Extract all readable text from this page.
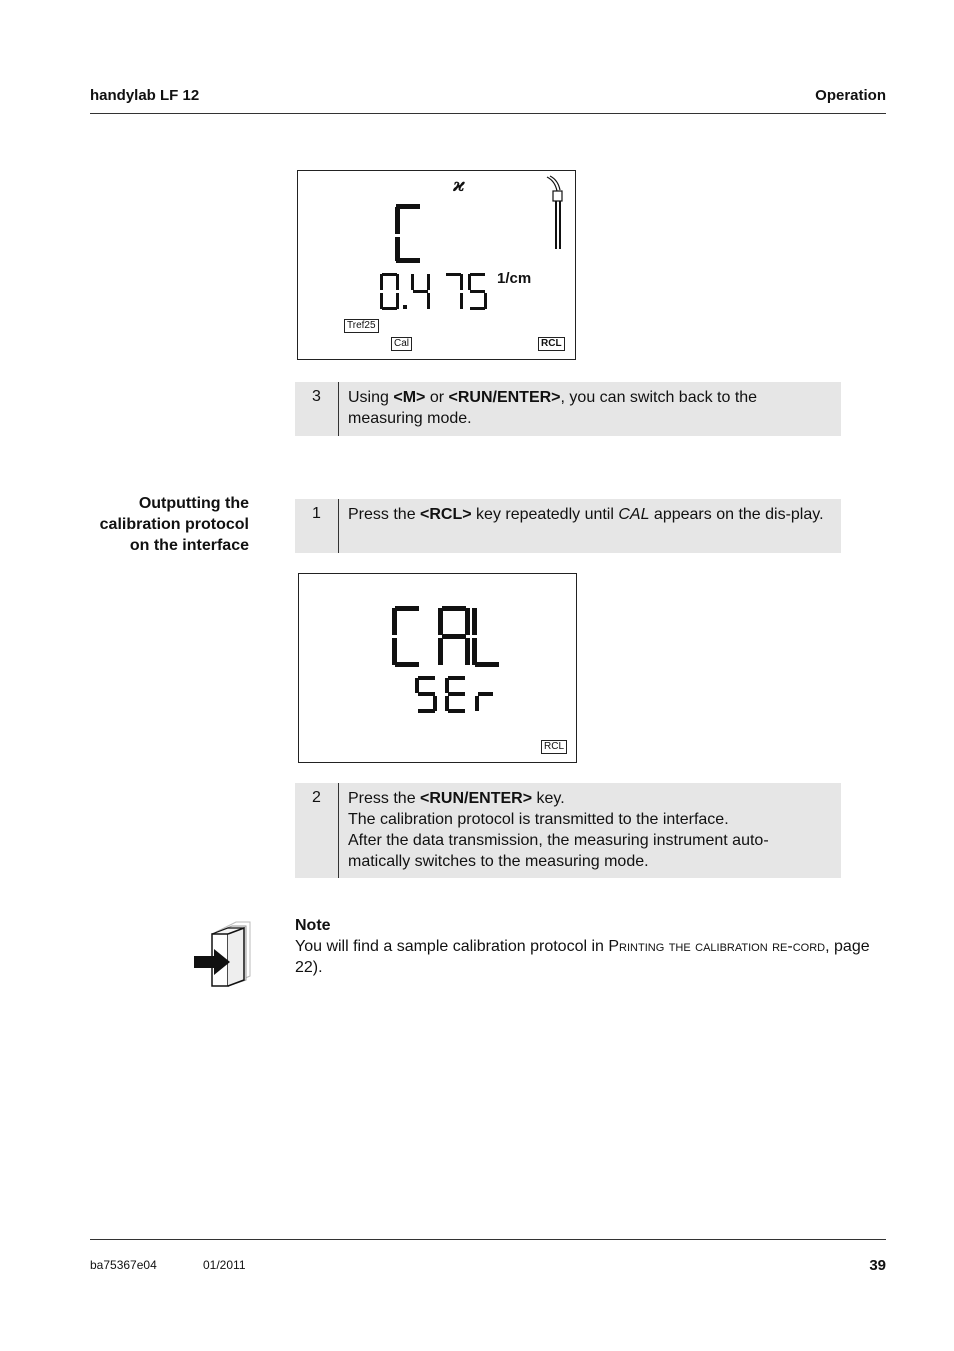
handylab LF 12	Operation
ϰ
1/cm
Tref25
Cal	RCL
3	Using <M> or <RUN/ENTER>, you can switch back to the measuring mode.
Outputting the calibration protocol on the interface
1	Press the <RCL> key repeatedly until CAL appears on the dis-play.
RCL
2	Press the <RUN/ENTER> key.
The calibration protocol is transmitted to the interface.
After the data transmission, the measuring instrument auto-
matically switches to the measuring mode.
Note
You will find a sample calibration protocol in Printing the calibration re-cord, page 22).
ba75367e04	01/2011	39
